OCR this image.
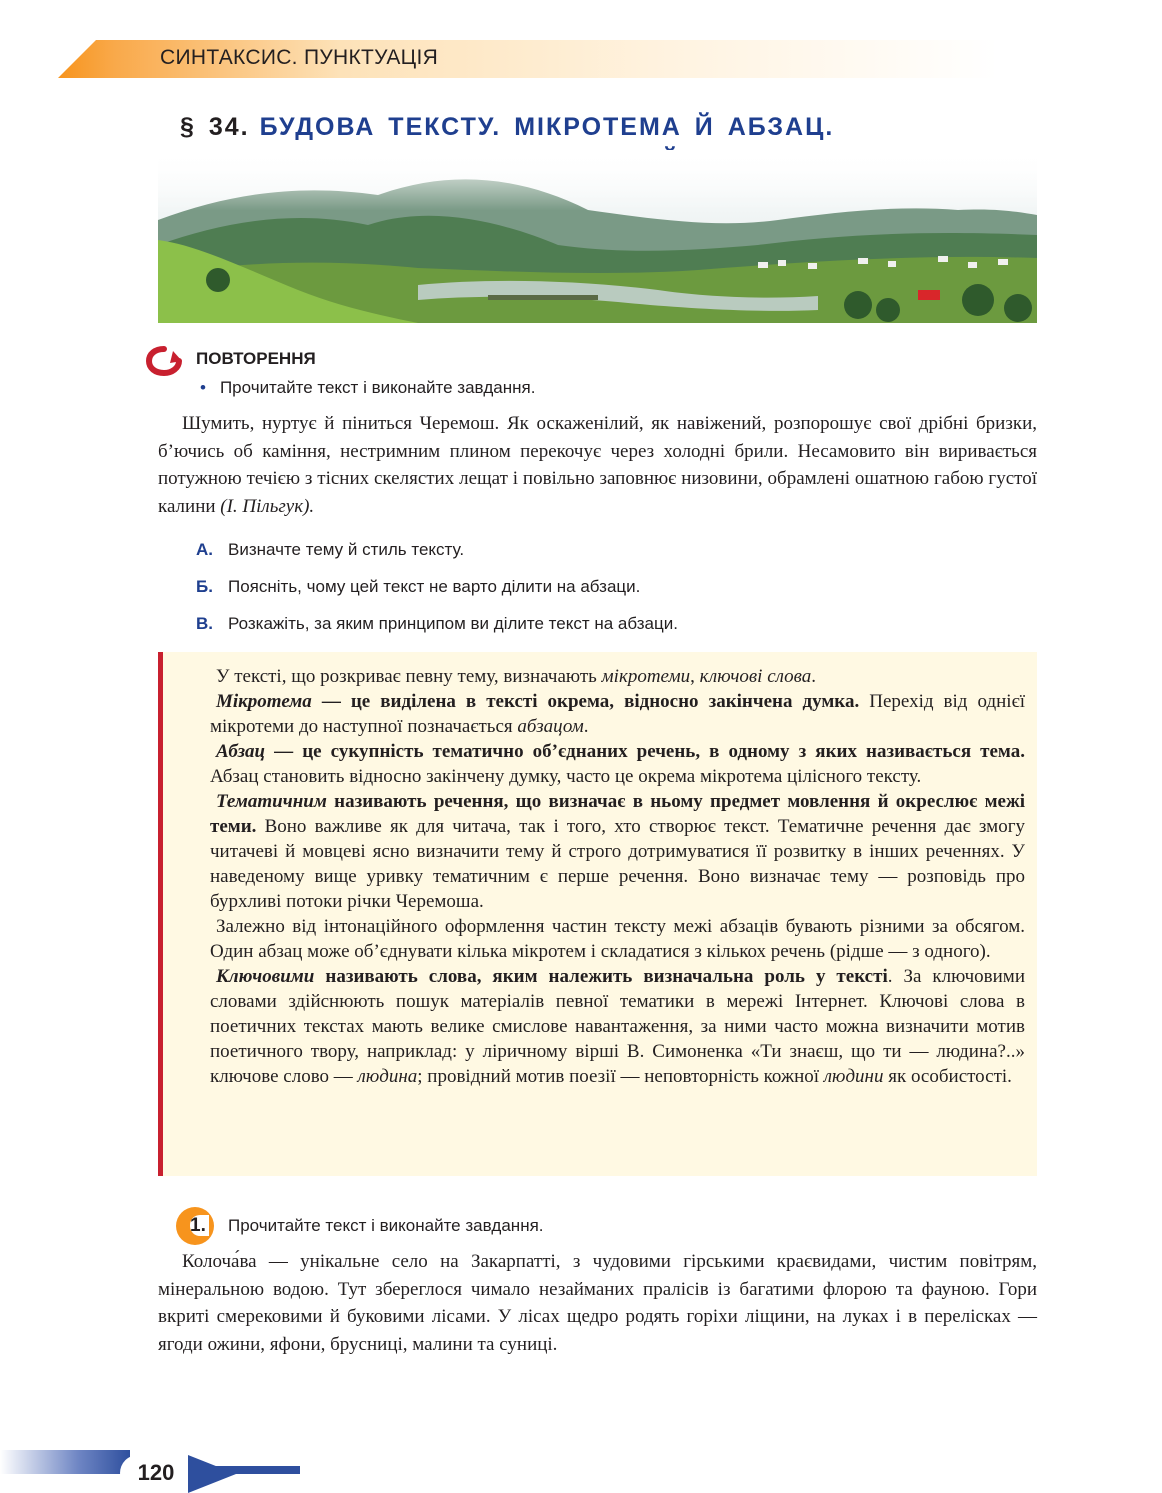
СИНТАКСИС. ПУНКТУАЦІЯ
§ 34. БУДОВА ТЕКСТУ. МІКРОТЕМА Й АБЗАЦ.
ПОВТОРЕННЯ
• Прочитайте текст і виконайте завдання.

Шумить, нуртує й піниться Черемош. Як оскаженілий, як навіжений, розпорошує свої дрібні бризки, б’ючись об каміння, нестримним плином перекочує через холодні брили. Несамовито він виривається потужною течією з тісних скелястих лещат і повільно заповнює низовини, обрамлені ошатною габою густої калини (І. Пільгук).

А. Визначте тему й стиль тексту.
Б. Поясніть, чому цей текст не варто ділити на абзаци.
В. Розкажіть, за яким принципом ви ділите текст на абзаци.

У тексті, що розкриває певну тему, визначають мікротеми, ключові слова.

Мікротема — це виділена в тексті окрема, відносно закінчена думка. Перехід від однієї мікротеми до наступної позначається абзацом.

Абзац — це сукупність тематично об’єднаних речень, в одному з яких називається тема. Абзац становить відносно закінчену думку, часто це окрема мікротема цілісного тексту.

Тематичним називають речення, що визначає в ньому предмет мовлення й окреслює межі теми. Воно важливе як для читача, так і того, хто створює текст. Тематичне речення дає змогу читачеві й мовцеві ясно визначити тему й строго дотримуватися її розвитку в інших реченнях. У наведеному вище уривку тематичним є перше речення. Воно визначає тему — розповідь про бурхливі потоки річки Черемоша.

Залежно від інтонаційного оформлення частин тексту межі абзаців бувають різними за обсягом. Один абзац може об’єднувати кілька мікротем і складатися з кількох речень (рідше — з одного).

Ключовими називають слова, яким належить визначальна роль у тексті. За ключовими словами здійснюють пошук матеріалів певної тематики в мережі Інтернет. Ключові слова в поетичних текстах мають велике смислове навантаження, за ними часто можна визначити мотив поетичного твору, наприклад: у ліричному вірші В. Симоненка «Ти знаєш, що ти — людина?..» ключове слово — людина; провідний мотив поезії — неповторність кожної людини як особистості.

1.	Прочитайте текст і виконайте завдання.

Колоча́ва — унікальне село на Закарпатті, з чудовими гірськими краєвидами, чистим повітрям, мінеральною водою. Тут збереглося чимало незайманих пралісів із багатими флорою та фауною. Гори вкриті смерековими й буковими лісами. У лісах щедро родять горіхи ліщини, на луках і в перелісках — ягоди ожини, яфони, брусниці, малини та суниці.

120
